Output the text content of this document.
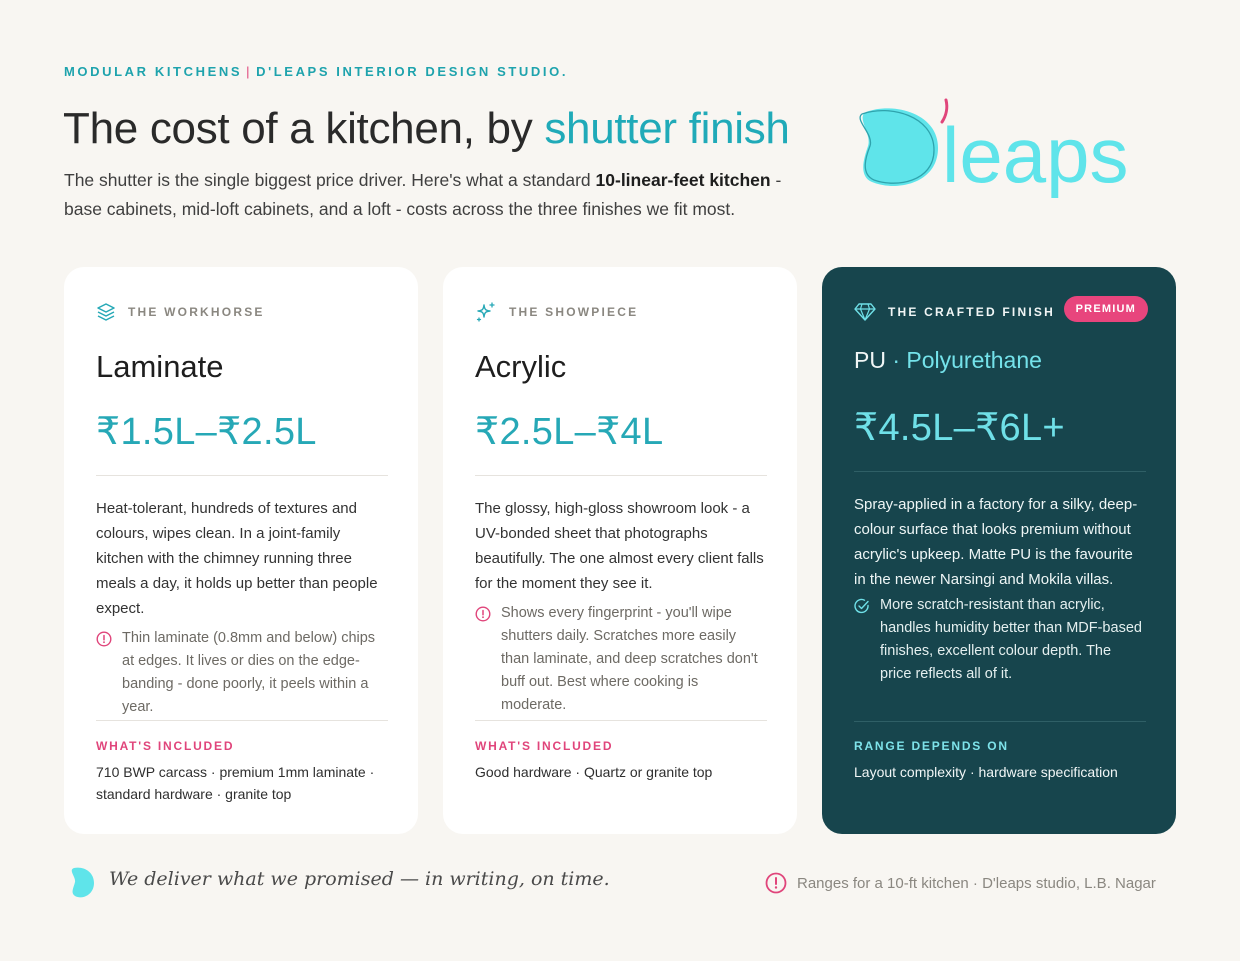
MODULAR KITCHENS | D'LEAPS INTERIOR DESIGN STUDIO.
The cost of a kitchen, by shutter finish

The shutter is the single biggest price driver. Here's what a standard 10-linear-feet kitchen - base cabinets, mid-loft cabinets, and a loft - costs across the three finishes we fit most.

leaps
THE WORKHORSE
Laminate
₹1.5L–₹2.5L

Heat-tolerant, hundreds of textures and colours, wipes clean. In a joint-family kitchen with the chimney running three meals a day, it holds up better than people expect.

Thin laminate (0.8mm and below) chips at edges. It lives or dies on the edge-banding - done poorly, it peels within a year.
WHAT'S INCLUDED
710 BWP carcass · premium 1mm laminate · standard hardware · granite top
THE SHOWPIECE
Acrylic
₹2.5L–₹4L

The glossy, high-gloss showroom look - a UV-bonded sheet that photographs beautifully. The one almost every client falls for the moment they see it.

Shows every fingerprint - you'll wipe shutters daily. Scratches more easily than laminate, and deep scratches don't buff out. Best where cooking is moderate.
WHAT'S INCLUDED
Good hardware · Quartz or granite top
THE CRAFTED FINISH	PREMIUM
PU · Polyurethane
₹4.5L–₹6L+

Spray-applied in a factory for a silky, deep-colour surface that looks premium without acrylic's upkeep. Matte PU is the favourite in the newer Narsingi and Mokila villas.

More scratch-resistant than acrylic, handles humidity better than MDF-based finishes, excellent colour depth. The price reflects all of it.
RANGE DEPENDS ON
Layout complexity · hardware specification
We deliver what we promised — in writing, on time.	Ranges for a 10-ft kitchen · D'leaps studio, L.B. Nagar
